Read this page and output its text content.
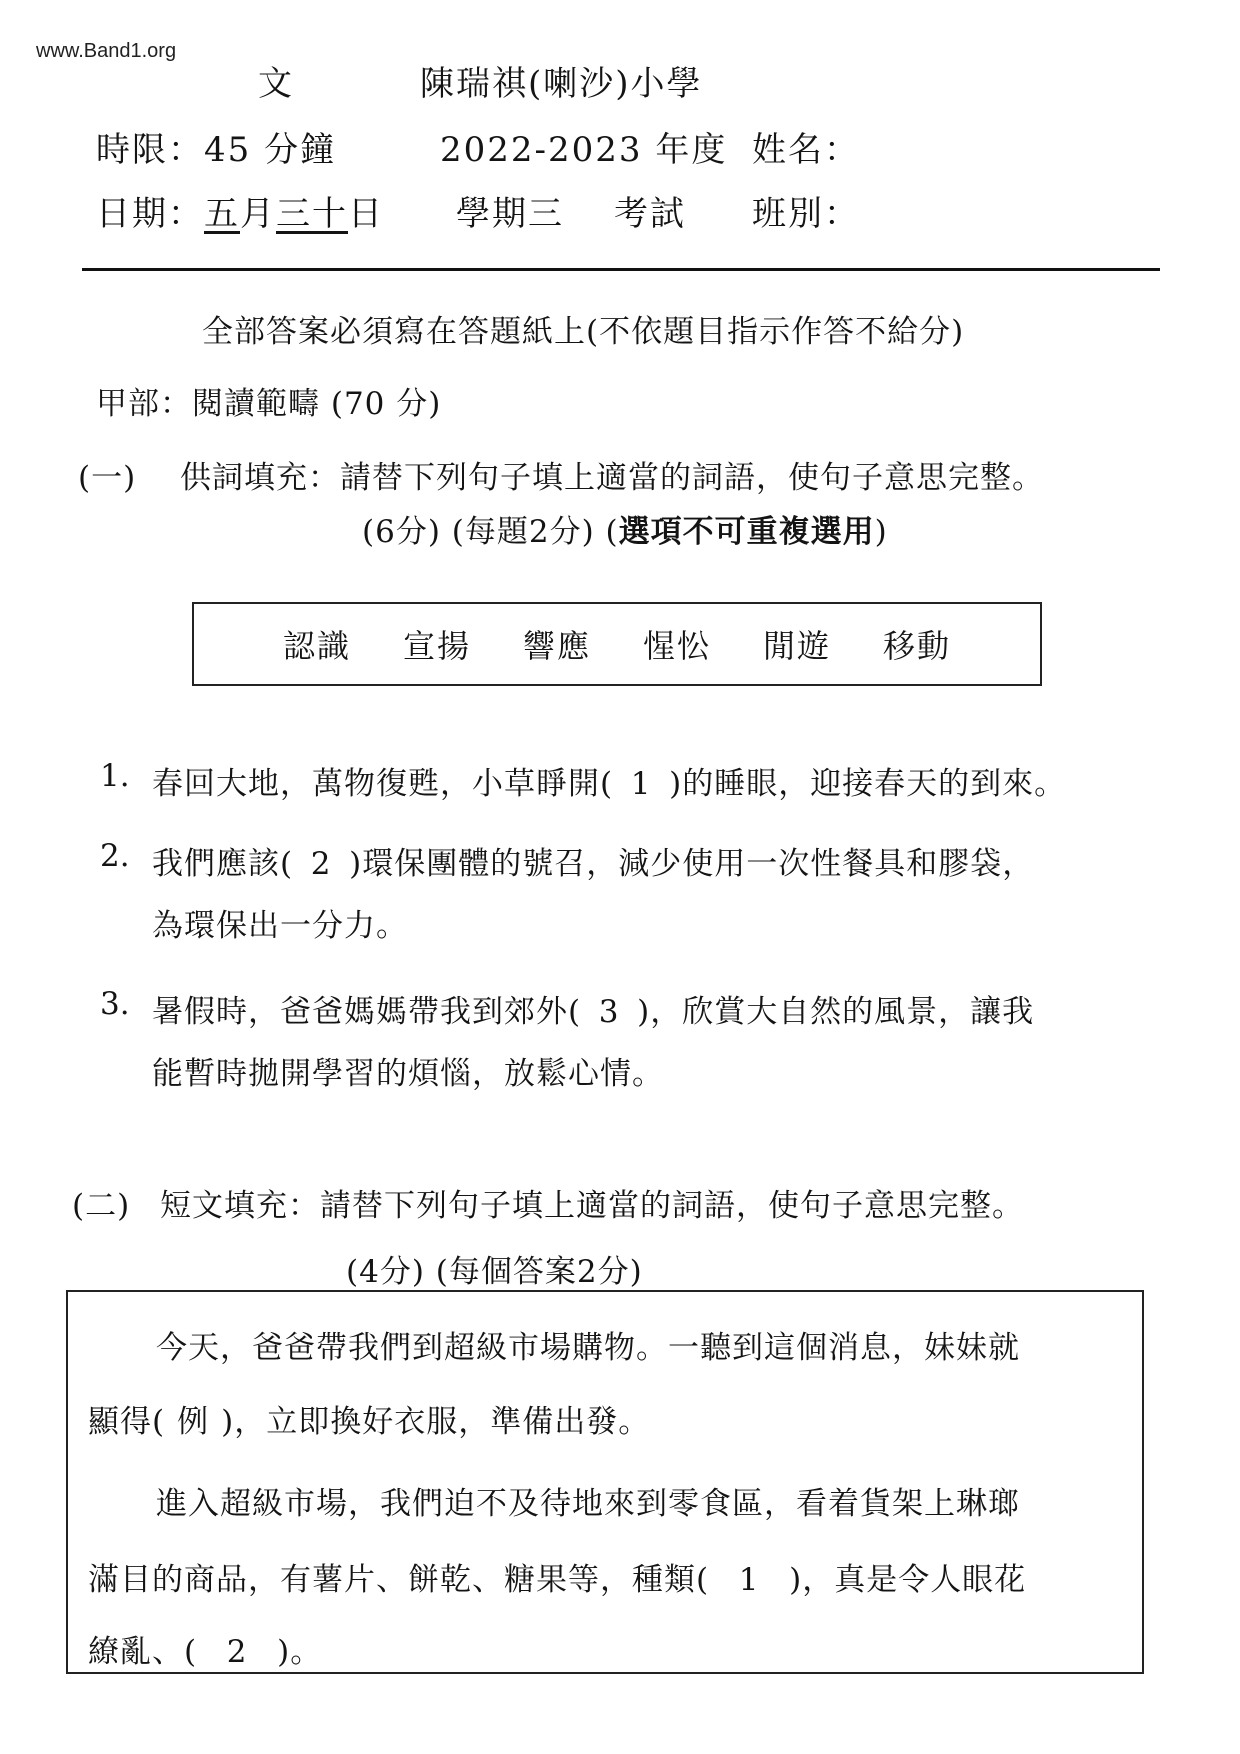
www.Band1.org
文	陳瑞祺(喇沙)小學
時限：45 分鐘	2022-2023 年度 姓名：
日期：五月三十日 學期三 考試 班別：
全部答案必須寫在答題紙上(不依題目指示作答不給分)
甲部：閱讀範疇 (70 分)
(一) 供詞填充：請替下列句子填上適當的詞語，使句子意思完整。
(6分) (每題2分) (選項不可重複選用)
認識 宣揚 響應 惺忪 閒遊 移動
1. 春回大地，萬物復甦，小草睜開( 1 )的睡眼，迎接春天的到來。
2. 我們應該( 2 )環保團體的號召，減少使用一次性餐具和膠袋，
為環保出一分力。
3. 暑假時，爸爸媽媽帶我到郊外( 3 )，欣賞大自然的風景，讓我
能暫時拋開學習的煩惱，放鬆心情。
(二) 短文填充：請替下列句子填上適當的詞語，使句子意思完整。
(4分) (每個答案2分)
今天，爸爸帶我們到超級市場購物。一聽到這個消息，妹妹就
顯得( 例 )，立即換好衣服，準備出發。
進入超級市場，我們迫不及待地來到零食區，看着貨架上琳瑯
滿目的商品，有薯片、餅乾、糖果等，種類( 1 )，真是令人眼花
繚亂、( 2 )。
